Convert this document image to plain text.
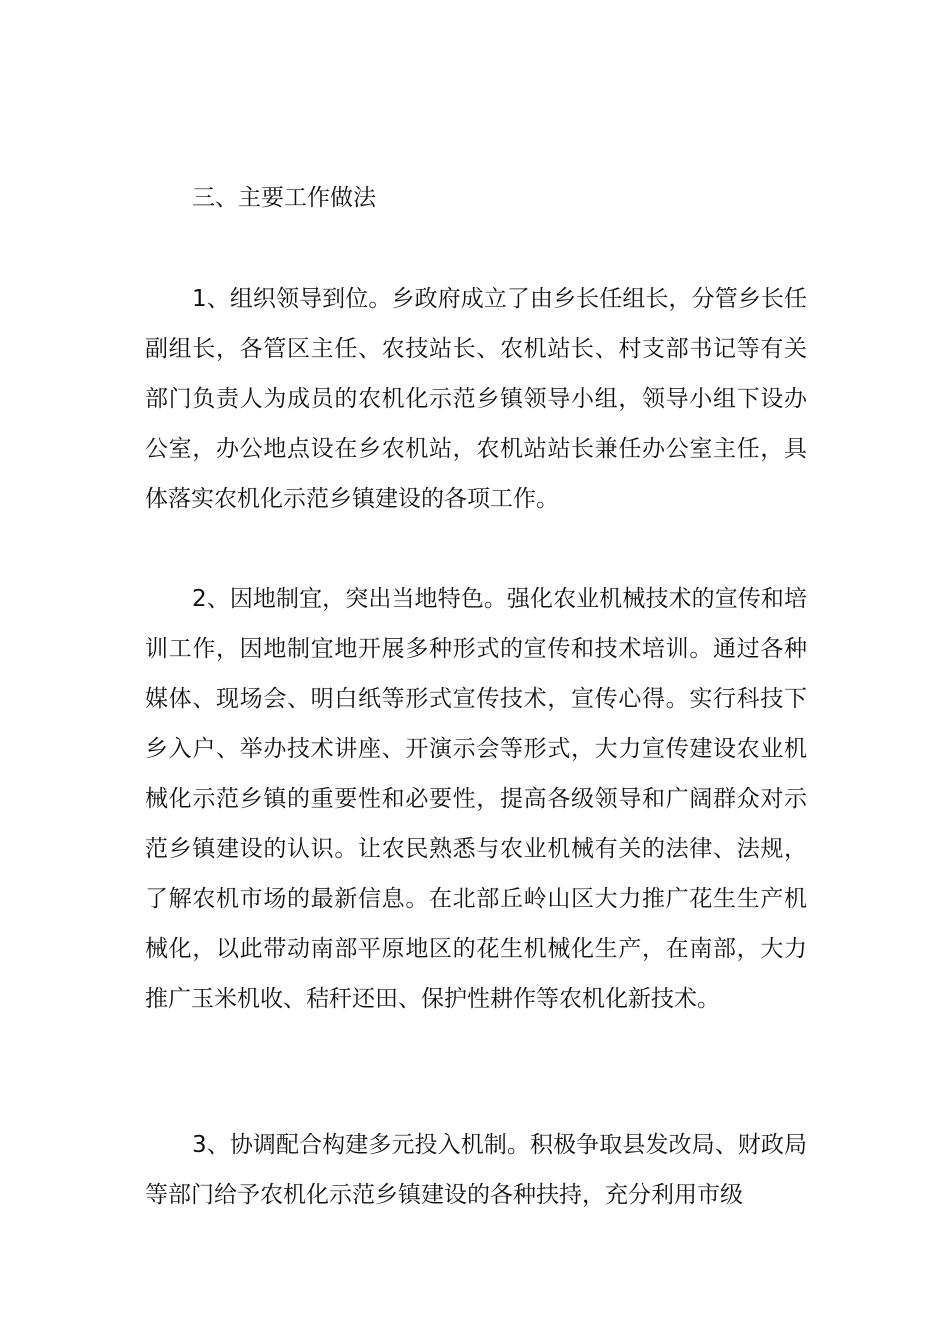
三、主要工作做法
1、组织领导到位。乡政府成立了由乡长任组长，分管乡长任副组长，各管区主任、农技站长、农机站长、村支部书记等有关部门负责人为成员的农机化示范乡镇领导小组，领导小组下设办公室，办公地点设在乡农机站，农机站站长兼任办公室主任，具体落实农机化示范乡镇建设的各项工作。
2、因地制宜，突出当地特色。强化农业机械技术的宣传和培训工作，因地制宜地开展多种形式的宣传和技术培训。通过各种媒体、现场会、明白纸等形式宣传技术，宣传心得。实行科技下乡入户、举办技术讲座、开演示会等形式，大力宣传建设农业机械化示范乡镇的重要性和必要性，提高各级领导和广阔群众对示范乡镇建设的认识。让农民熟悉与农业机械有关的法律、法规，了解农机市场的最新信息。在北部丘岭山区大力推广花生生产机械化，以此带动南部平原地区的花生机械化生产，在南部，大力推广玉米机收、秸秆还田、保护性耕作等农机化新技术。
3、协调配合构建多元投入机制。积极争取县发改局、财政局等部门给予农机化示范乡镇建设的各种扶持，充分利用市级
